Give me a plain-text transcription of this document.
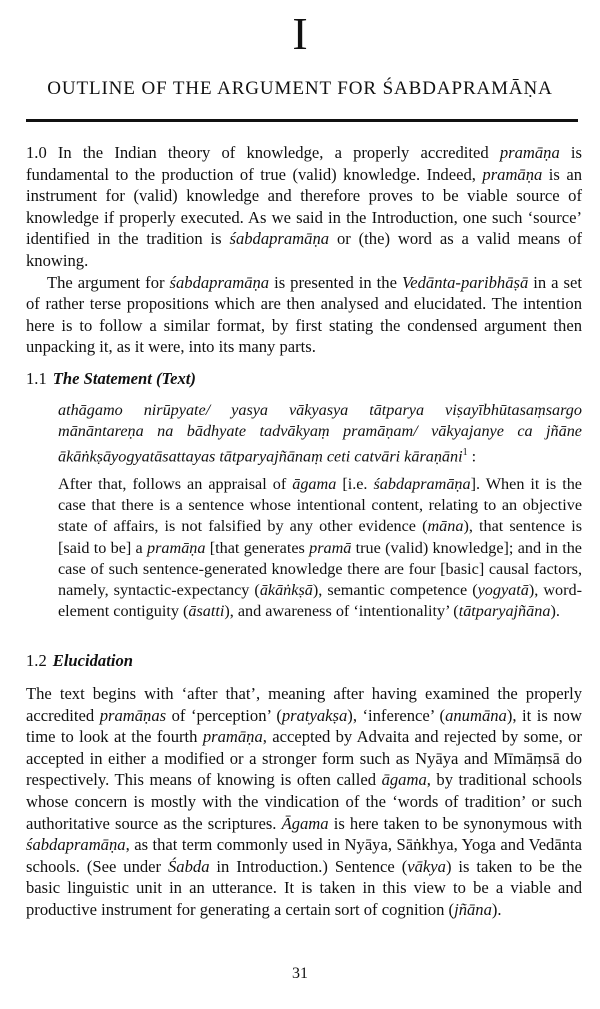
I
OUTLINE OF THE ARGUMENT FOR ŚABDAPRAMĀṆA

1.0 In the Indian theory of knowledge, a properly accredited pramāṇa is fundamental to the production of true (valid) knowledge. Indeed, pramāṇa is an instrument for (valid) knowledge and therefore proves to be viable source of knowledge if properly executed. As we said in the Introduction, one such ‘source’ identified in the tradition is śabdapramāṇa or (the) word as a valid means of knowing.

The argument for śabdapramāṇa is presented in the Vedānta-paribhāṣā in a set of rather terse propositions which are then analysed and elucidated. The intention here is to follow a similar format, by first stating the condensed argument then unpacking it, as it were, into its many parts.

1.1 The Statement (Text)
athāgamo nirūpyate/ yasya vākyasya tātparya viṣayībhūtasaṃsargo mānāntareṇa na bādhyate tadvākyaṃ pramāṇam/ vākyajanye ca jñāne ākāṅkṣāyogyatāsattayas tātparyajñānaṃ ceti catvāri kāraṇāni$^1$ :
After that, follows an appraisal of āgama [i.e. śabdapramāṇa]. When it is the case that there is a sentence whose intentional content, relating to an objective state of affairs, is not falsified by any other evidence (māna), that sentence is [said to be] a pramāṇa [that generates pramā true (valid) knowledge]; and in the case of such sentence-generated knowledge there are four [basic] causal factors, namely, syntactic-expectancy (ākāṅkṣā), semantic competence (yogyatā), word-element contiguity (āsatti), and awareness of ‘intentionality’ (tātparyajñāna).
1.2 Elucidation

The text begins with ‘after that’, meaning after having examined the properly accredited pramāṇas of ‘perception’ (pratyakṣa), ‘inference’ (anumāna), it is now time to look at the fourth pramāṇa, accepted by Advaita and rejected by some, or accepted in either a modified or a stronger form such as Nyāya and Mīmāṃsā do respectively. This means of knowing is often called āgama, by traditional schools whose concern is mostly with the vindication of the ‘words of tradition’ or such authoritative source as the scriptures. Āgama is here taken to be synonymous with śabdapramāṇa, as that term commonly used in Nyāya, Sāṅkhya, Yoga and Vedānta schools. (See under Śabda in Introduction.) Sentence (vākya) is taken to be the basic linguistic unit in an utterance. It is taken in this view to be a viable and productive instrument for generating a certain sort of cognition (jñāna).

31
